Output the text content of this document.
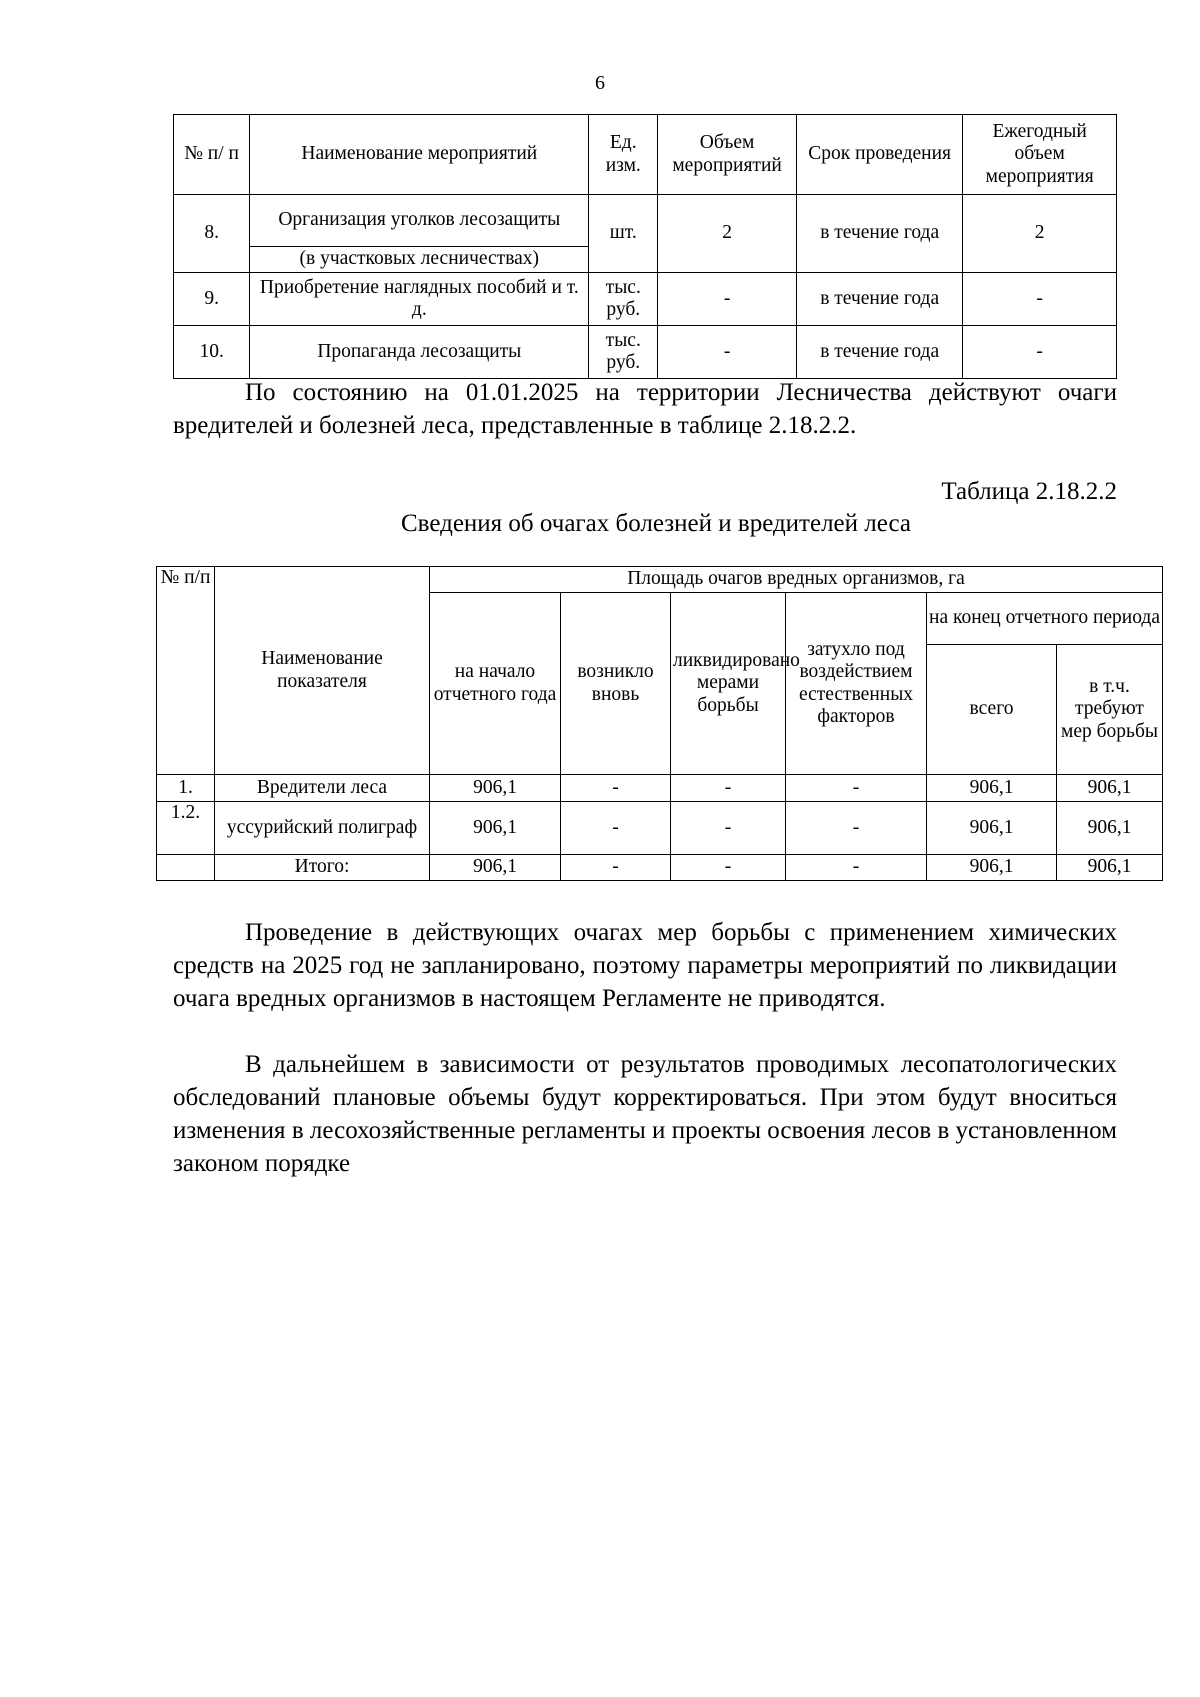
6
№ п/ п	Наименование мероприятий	Ед. изм.	Объем мероприятий	Срок проведения	Ежегодный объем мероприятия
8.	Организация уголков лесозащиты	шт.	2	в течение года	2
	(в участковых лесничествах)				
9.	Приобретение наглядных пособий и т. д.	тыс. руб.	-	в течение года	-
10.	Пропаганда лесозащиты	тыс. руб.	-	в течение года	-

По состоянию на 01.01.2025 на территории Лесничества действуют очаги вредителей и болезней леса, представленные в таблице 2.18.2.2.

Таблица 2.18.2.2
Сведения об очагах болезней и вредителей леса
№ п/п	Наименование показателя	Площадь очагов вредных организмов, га					
		на начало отчетного года	возникло вновь	ликвидировано мерами борьбы	затухло под воздействием естественных факторов	на конец отчетного периода	
						всего	в т.ч. требуют мер борьбы
1.	Вредители леса	906,1	-	-	-	906,1	906,1
1.2.	уссурийский полиграф	906,1	-	-	-	906,1	906,1
	Итого:	906,1	-	-	-	906,1	906,1

Проведение в действующих очагах мер борьбы с применением химических средств на 2025 год не запланировано, поэтому параметры мероприятий по ликвидации очага вредных организмов в настоящем Регламенте не приводятся.

В дальнейшем в зависимости от результатов проводимых лесопатологических обследований плановые объемы будут корректироваться. При этом будут вноситься изменения в лесохозяйственные регламенты и проекты освоения лесов в установленном законом порядке
